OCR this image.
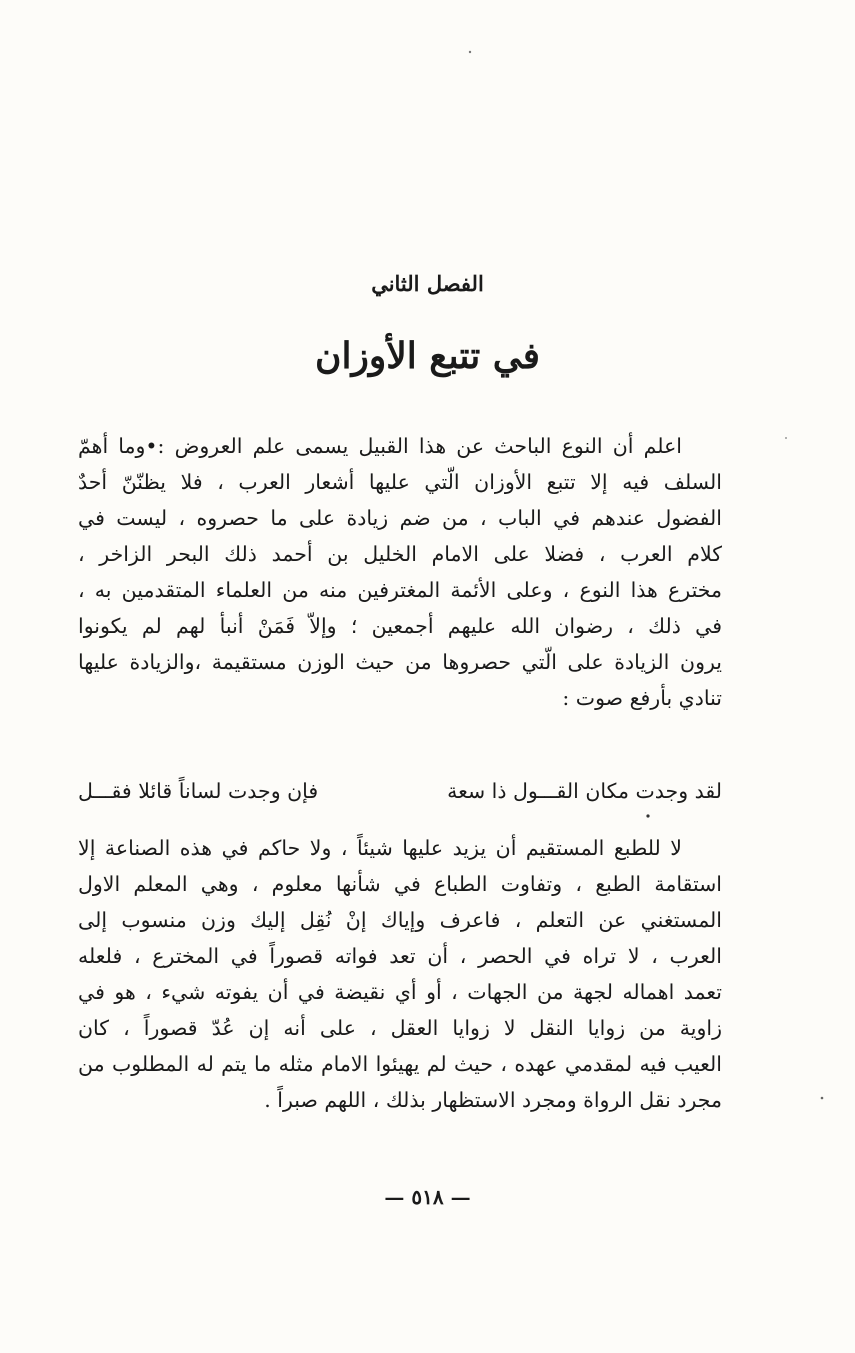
الفصل الثاني
في تتبع الأوزان
اعلم أن النوع الباحث عن هذا القبيل يسمى علم العروض :•وما أهمّ
السلف فيه إلا تتبع الأوزان الّتي عليها أشعار العرب ، فلا يظنّنّ أحدٌ
الفضول عندهم في الباب ، من ضم زيادة على ما حصروه ، ليست في
كلام العرب ، فضلا على الامام الخليل بن أحمد ذلك البحر الزاخر ،
مخترع هذا النوع ، وعلى الأئمة المغترفين منه من العلماء المتقدمين به ،
في ذلك ، رضوان الله عليهم أجمعين ؛ وإلاّ فَمَنْ أنبأ لهم لم يكونوا
يرون الزيادة على الّتي حصروها من حيث الوزن مستقيمة ،والزيادة عليها
تنادي بأرفع صوت :
لقد وجدت مكان القـــول ذا سعة
فإن وجدت لساناً قائلا فقـــل
لا للطبع المستقيم أن يزيد عليها شيئاً ، ولا حاكم في هذه الصناعة إلا
استقامة الطبع ، وتفاوت الطباع في شأنها معلوم ، وهي المعلم الاول
المستغني عن التعلم ، فاعرف وإياك إنْ نُقِل إليك وزن منسوب إلى
العرب ، لا تراه في الحصر ، أن تعد فواته قصوراً في المخترع ، فلعله
تعمد اهماله لجهة من الجهات ، أو أي نقيضة في أن يفوته شيء ، هو في
زاوية من زوايا النقل لا زوايا العقل ، على أنه إن عُدّ قصوراً ، كان
العيب فيه لمقدمي عهده ، حيث لم يهيئوا الامام مثله ما يتم له المطلوب من
مجرد نقل الرواة ومجرد الاستظهار بذلك ، اللهم صبراً .
— ٥١٨ —
